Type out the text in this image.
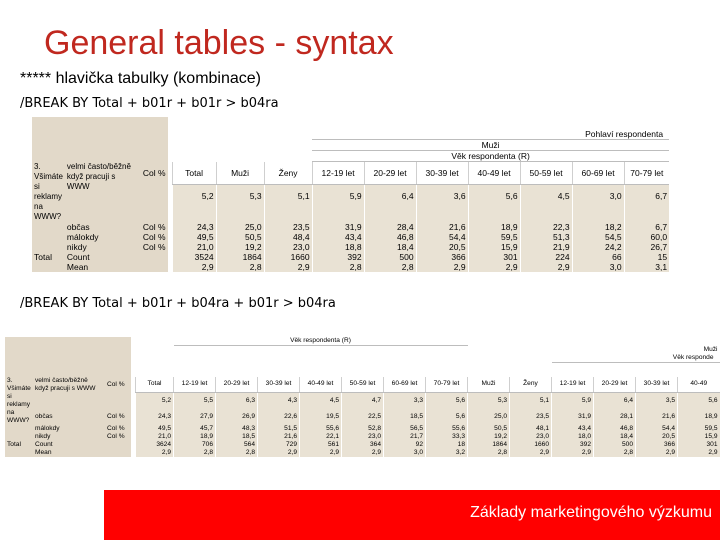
General tables - syntax
***** hlavička tabulky (kombinace)
/BREAK BY Total + b01r + b01r > b04ra

							Pohlaví respondenta						
							Muži						
							Věk respondenta (R)						
3. Všimáte si reklamy na WWW?	velmi často/běžně když pracuji s WWW	Col %		Total	Muži	Ženy	12-19 let	20-29 let	30-39 let	40-49 let	50-59 let	60-69 let	70-79 let
				5,2	5,3	5,1	5,9	6,4	3,6	5,6	4,5	3,0	6,7

	občas	Col %		24,3	25,0	23,5	31,9	28,4	21,6	18,9	22,3	18,2	6,7
	málokdy	Col %		49,5	50,5	48,4	43,4	46,8	54,4	59,5	51,3	54,5	60,0
	nikdy	Col %		21,0	19,2	23,0	18,8	18,4	20,5	15,9	21,9	24,2	26,7
Total	Count			3524	1864	1660	392	500	366	301	224	66	15
	Mean			2,9	2,8	2,9	2,8	2,8	2,9	2,9	2,9	3,0	3,1
/BREAK BY Total + b01r + b04ra + b01r > b04ra
					Věk respondenta (R)												
																	Muži
														Věk responde			

3. Všimáte si reklamy na WWW?	velmi často/běžně když pracuji s WWW	Col %		Total	12-19 let	20-29 let	30-39 let	40-49 let	50-59 let	60-69 let	70-79 let	Muži	Ženy	12-19 let	20-29 let	30-39 let	40-49
				5,2	5,5	6,3	4,3	4,5	4,7	3,3	5,6	5,3	5,1	5,9	6,4	3,5	5,6
	občas	Col %		24,3	27,9	26,9	22,6	19,5	22,5	18,5	5,6	25,0	23,5	31,9	28,1	21,6	18,9
	málokdy	Col %		49,5	45,7	48,3	51,5	55,6	52,8	56,5	55,6	50,5	48,1	43,4	46,8	54,4	59,5
	nikdy	Col %		21,0	18,9	18,5	21,6	22,1	23,0	21,7	33,3	19,2	23,0	18,0	18,4	20,5	15,9
Total	Count			3624	706	564	729	561	364	92	18	1864	1660	392	500	366	301
	Mean			2,9	2,8	2,8	2,9	2,9	2,9	3,0	3,2	2,8	2,9	2,9	2,8	2,9	2,9
Základy marketingového výzkumu
